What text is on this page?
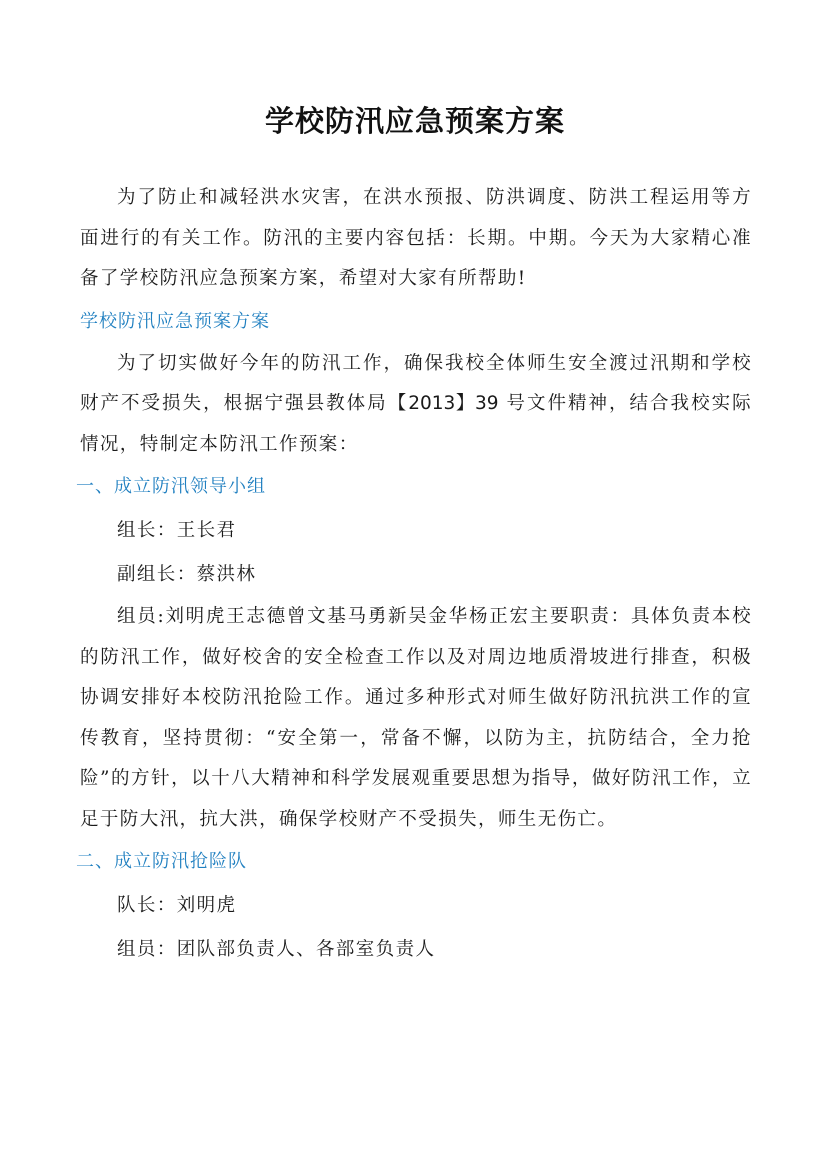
学校防汛应急预案方案

为了防止和减轻洪水灾害，在洪水预报、防洪调度、防洪工程运用等方面进行的有关工作。防汛的主要内容包括：长期。中期。今天为大家精心准备了学校防汛应急预案方案，希望对大家有所帮助!

学校防汛应急预案方案

为了切实做好今年的防汛工作，确保我校全体师生安全渡过汛期和学校财产不受损失，根据宁强县教体局【2013】39 号文件精神，结合我校实际情况，特制定本防汛工作预案：

一、成立防汛领导小组

组长：王长君

副组长：蔡洪林

组员:刘明虎王志德曾文基马勇新吴金华杨正宏主要职责：具体负责本校的防汛工作，做好校舍的安全检查工作以及对周边地质滑坡进行排查，积极协调安排好本校防汛抢险工作。通过多种形式对师生做好防汛抗洪工作的宣传教育，坚持贯彻：“安全第一，常备不懈，以防为主，抗防结合，全力抢险”的方针，以十八大精神和科学发展观重要思想为指导，做好防汛工作，立足于防大汛，抗大洪，确保学校财产不受损失，师生无伤亡。

二、成立防汛抢险队

队长：刘明虎

组员：团队部负责人、各部室负责人
